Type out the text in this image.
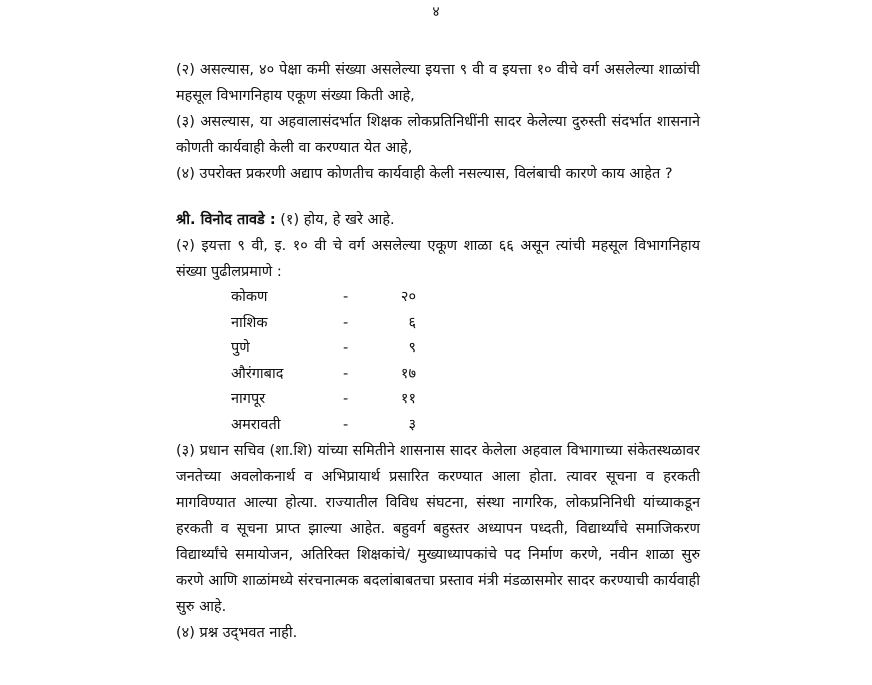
४

(२) असल्यास, ४० पेक्षा कमी संख्या असलेल्या इयत्ता ९ वी व इयत्ता १० वीचे वर्ग असलेल्या शाळांची महसूल विभागनिहाय एकूण संख्या किती आहे,

(३) असल्यास, या अहवालासंदर्भात शिक्षक लोकप्रतिनिधींनी सादर केलेल्या दुरुस्ती संदर्भात शासनाने कोणती कार्यवाही केली वा करण्यात येत आहे,

(४) उपरोक्त प्रकरणी अद्याप कोणतीच कार्यवाही केली नसल्यास, विलंबाची कारणे काय आहेत ?

श्री. विनोद तावडे : (१) होय, हे खरे आहे.

(२) इयत्ता ९ वी, इ. १० वी चे वर्ग असलेल्या एकूण शाळा ६६ असून त्यांची महसूल विभागनिहाय संख्या पुढीलप्रमाणे :

कोकण	-	२०
नाशिक	-	६
पुणे	-	९
औरंगाबाद	-	१७
नागपूर	-	११
अमरावती	-	३

(३) प्रधान सचिव (शा.शि) यांच्या समितीने शासनास सादर केलेला अहवाल विभागाच्या संकेतस्थळावर जनतेच्या अवलोकनार्थ व अभिप्रायार्थ प्रसारित करण्यात आला होता. त्यावर सूचना व हरकती मागविण्यात आल्या होत्या. राज्यातील विविध संघटना, संस्था नागरिक, लोकप्रनिनिधी यांच्याकडून हरकती व सूचना प्राप्त झाल्या आहेत. बहुवर्ग बहुस्तर अध्यापन पध्दती, विद्यार्थ्यांचे समाजिकरण विद्यार्थ्यांचे समायोजन, अतिरिक्त शिक्षकांचे/ मुख्याध्यापकांचे पद निर्माण करणे, नवीन शाळा सुरु करणे आणि शाळांमध्ये संरचनात्मक बदलांबाबतचा प्रस्ताव मंत्री मंडळासमोर सादर करण्याची कार्यवाही सुरु आहे.

(४) प्रश्न उद्‌भवत नाही.
